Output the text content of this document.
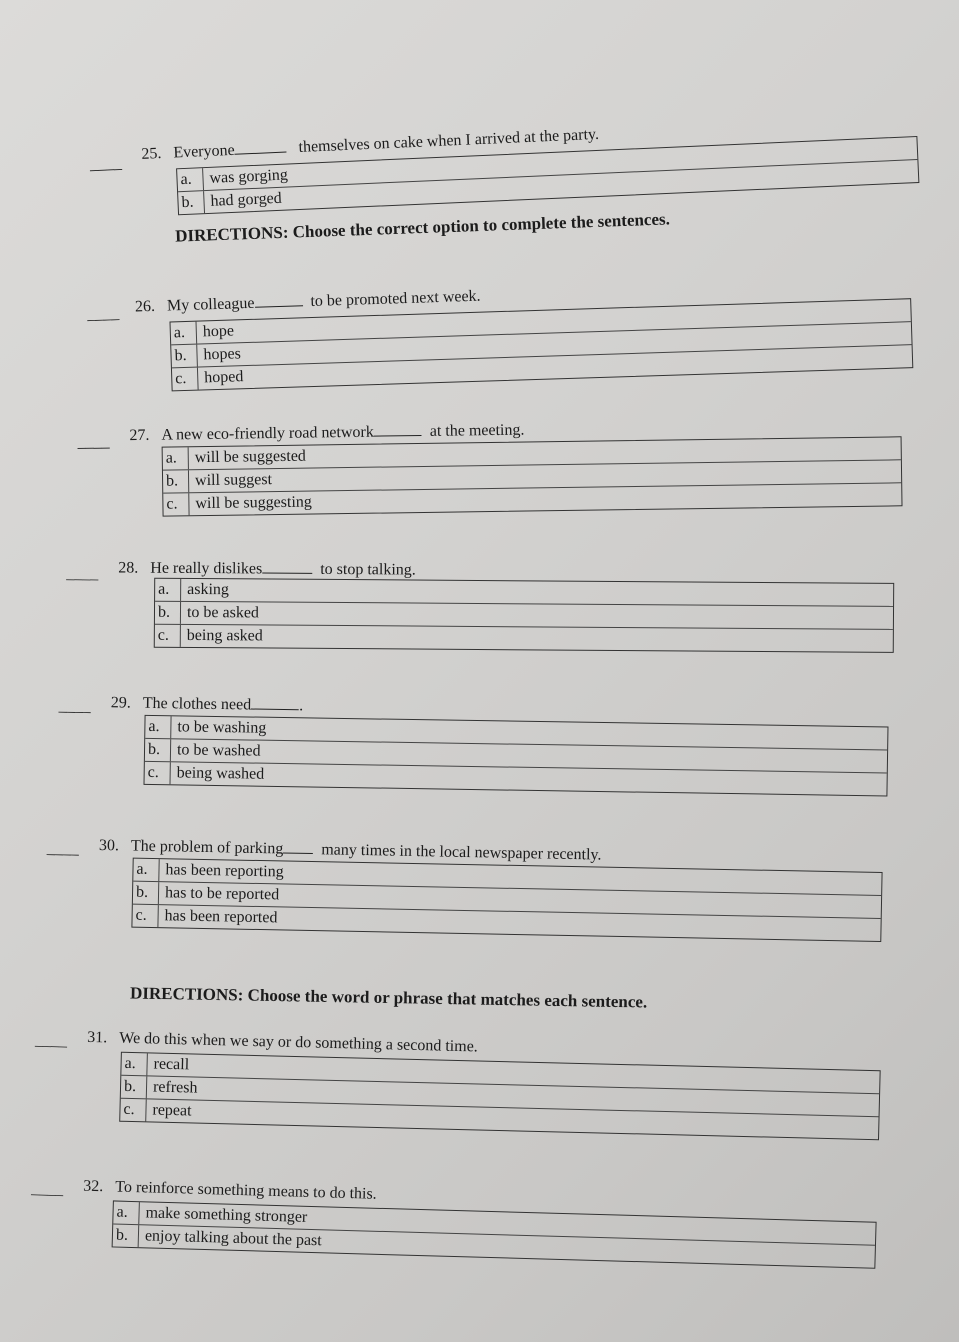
DIRECTIONS: Choose the correct option to complete the sentences.
DIRECTIONS: Choose the word or phrase that matches each sentence.
____
25. Everyone	themselves on cake when I arrived at the party.
a.	was gorging
b.	had gorged
____ 26. My colleague	to be promoted next week.
a.	hope
b.	hopes
c.	hoped
____ 27. A new eco-friendly road network	at the meeting.
a.	will be suggested
b.	will suggest
c.	will be suggesting
____ 28. He really dislikes	to stop talking.
a.	asking
b.	to be asked
c.	being asked
____ 29. The clothes need	.
a.	to be washing
b.	to be washed
c.	being washed
____ 30. The problem of parking many times in the local newspaper recently.
a.	has been reporting
b.	has to be reported
c.	has been reported
____ 31. We do this when we say or do something a second time.
a.	recall
b.	refresh
c.	repeat
____ 32. To reinforce something means to do this.
a.	make something stronger
b.	enjoy talking about the past
